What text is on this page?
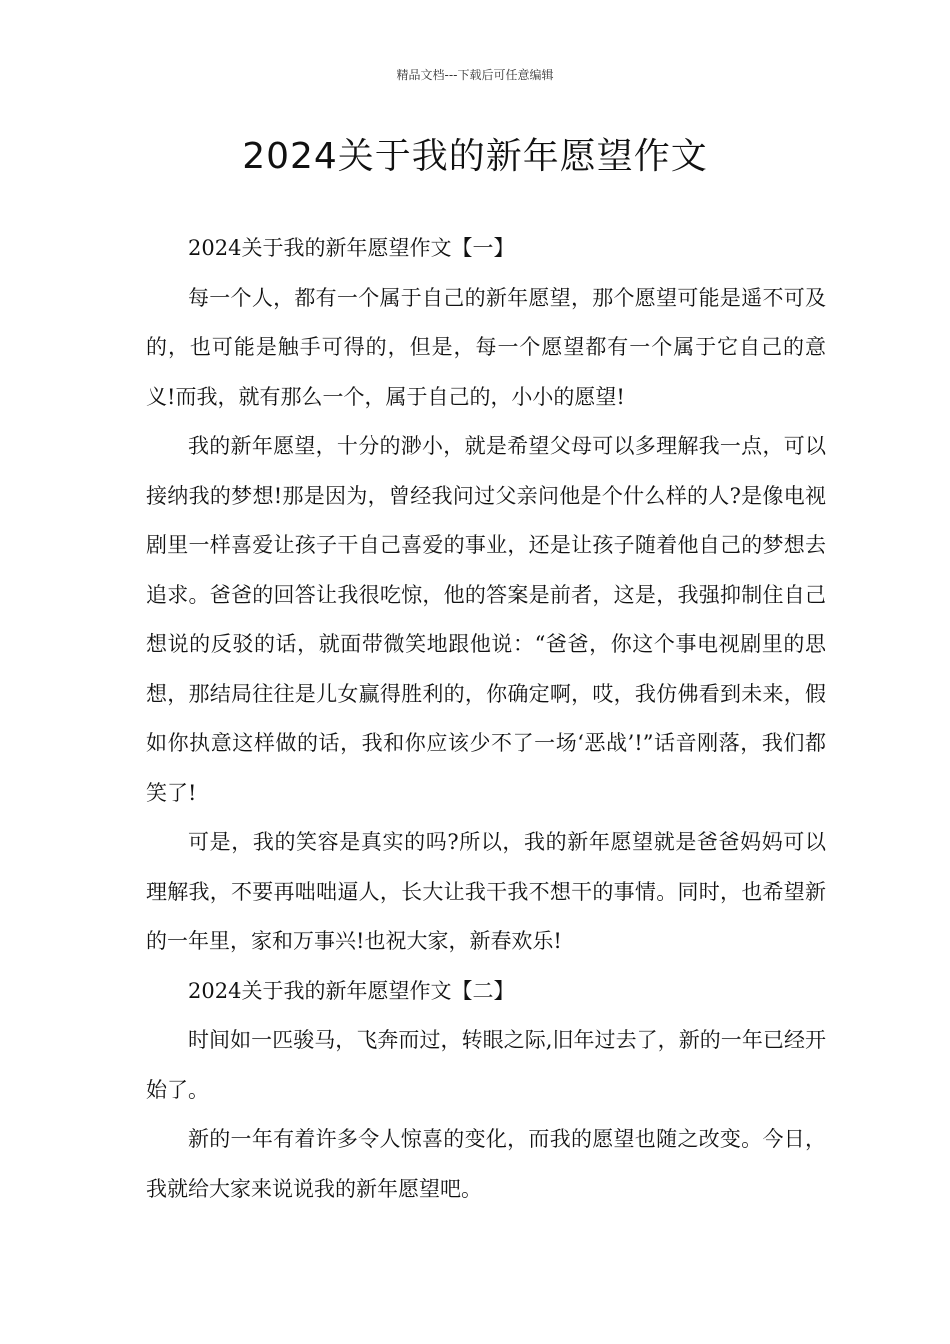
精品文档---下载后可任意编辑
2024关于我的新年愿望作文

2024关于我的新年愿望作文【一】

每一个人，都有一个属于自己的新年愿望，那个愿望可能是遥不可及的，也可能是触手可得的，但是，每一个愿望都有一个属于它自己的意义!而我，就有那么一个，属于自己的，小小的愿望!

我的新年愿望，十分的渺小，就是希望父母可以多理解我一点，可以接纳我的梦想!那是因为，曾经我问过父亲问他是个什么样的人?是像电视剧里一样喜爱让孩子干自己喜爱的事业，还是让孩子随着他自己的梦想去追求。爸爸的回答让我很吃惊，他的答案是前者，这是，我强抑制住自己想说的反驳的话，就面带微笑地跟他说：“爸爸，你这个事电视剧里的思想，那结局往往是儿女赢得胜利的，你确定啊，哎，我仿佛看到未来，假如你执意这样做的话，我和你应该少不了一场‘恶战’!”话音刚落，我们都笑了!

可是，我的笑容是真实的吗?所以，我的新年愿望就是爸爸妈妈可以理解我，不要再咄咄逼人，长大让我干我不想干的事情。同时，也希望新的一年里，家和万事兴!也祝大家，新春欢乐!

2024关于我的新年愿望作文【二】

时间如一匹骏马，飞奔而过，转眼之际,旧年过去了，新的一年已经开始了。

新的一年有着许多令人惊喜的变化，而我的愿望也随之改变。今日，我就给大家来说说我的新年愿望吧。
